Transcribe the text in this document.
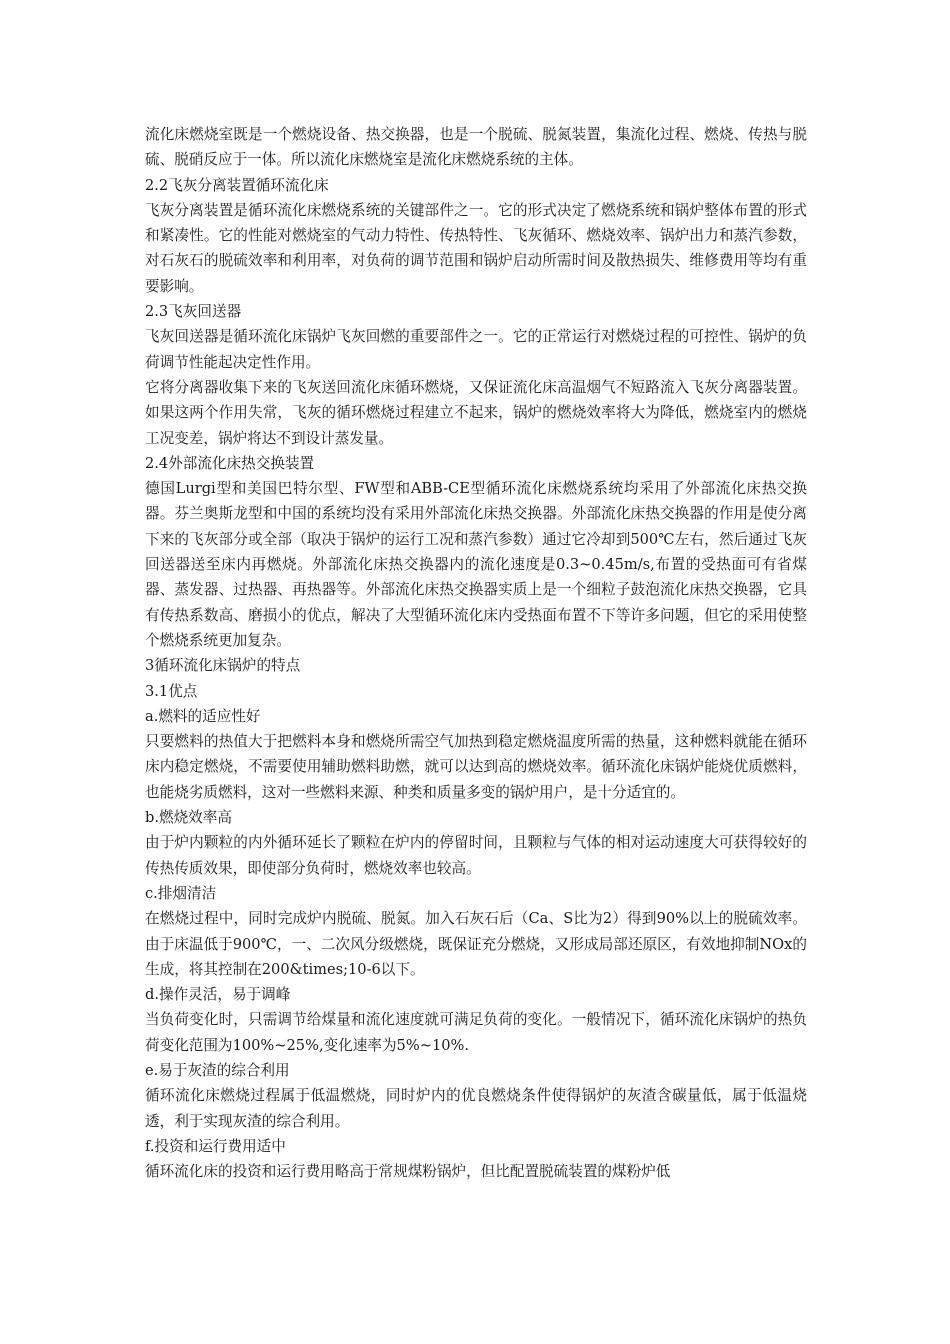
流化床燃烧室既是一个燃烧设备、热交换器，也是一个脱硫、脱氮装置，集流化过程、燃烧、传热与脱硫、脱硝反应于一体。所以流化床燃烧室是流化床燃烧系统的主体。

2.2飞灰分离装置循环流化床

飞灰分离装置是循环流化床燃烧系统的关键部件之一。它的形式决定了燃烧系统和锅炉整体布置的形式和紧凑性。它的性能对燃烧室的气动力特性、传热特性、飞灰循环、燃烧效率、锅炉出力和蒸汽参数，对石灰石的脱硫效率和利用率，对负荷的调节范围和锅炉启动所需时间及散热损失、维修费用等均有重要影响。

2.3飞灰回送器

飞灰回送器是循环流化床锅炉飞灰回燃的重要部件之一。它的正常运行对燃烧过程的可控性、锅炉的负荷调节性能起决定性作用。

它将分离器收集下来的飞灰送回流化床循环燃烧，又保证流化床高温烟气不短路流入飞灰分离器装置。如果这两个作用失常，飞灰的循环燃烧过程建立不起来，锅炉的燃烧效率将大为降低，燃烧室内的燃烧工况变差，锅炉将达不到设计蒸发量。

2.4外部流化床热交换装置

德国Lurgi型和美国巴特尔型、FW型和ABB-CE型循环流化床燃烧系统均采用了外部流化床热交换器。芬兰奥斯龙型和中国的系统均没有采用外部流化床热交换器。外部流化床热交换器的作用是使分离下来的飞灰部分或全部（取决于锅炉的运行工况和蒸汽参数）通过它冷却到500℃左右，然后通过飞灰回送器送至床内再燃烧。外部流化床热交换器内的流化速度是0.3~0.45m/s,布置的受热面可有省煤器、蒸发器、过热器、再热器等。外部流化床热交换器实质上是一个细粒子鼓泡流化床热交换器，它具有传热系数高、磨损小的优点，解决了大型循环流化床内受热面布置不下等许多问题，但它的采用使整个燃烧系统更加复杂。

3循环流化床锅炉的特点

3.1优点

a.燃料的适应性好

只要燃料的热值大于把燃料本身和燃烧所需空气加热到稳定燃烧温度所需的热量，这种燃料就能在循环床内稳定燃烧，不需要使用辅助燃料助燃，就可以达到高的燃烧效率。循环流化床锅炉能烧优质燃料，也能烧劣质燃料，这对一些燃料来源、种类和质量多变的锅炉用户，是十分适宜的。

b.燃烧效率高

由于炉内颗粒的内外循环延长了颗粒在炉内的停留时间，且颗粒与气体的相对运动速度大可获得较好的传热传质效果，即使部分负荷时，燃烧效率也较高。

c.排烟清洁

在燃烧过程中，同时完成炉内脱硫、脱氮。加入石灰石后（Ca、S比为2）得到90%以上的脱硫效率。由于床温低于900℃，一、二次风分级燃烧，既保证充分燃烧，又形成局部还原区，有效地抑制NOx的生成，将其控制在200&times;10-6以下。

d.操作灵活，易于调峰

当负荷变化时，只需调节给煤量和流化速度就可满足负荷的变化。一般情况下，循环流化床锅炉的热负荷变化范围为100%~25%,变化速率为5%~10%.

e.易于灰渣的综合利用

循环流化床燃烧过程属于低温燃烧，同时炉内的优良燃烧条件使得锅炉的灰渣含碳量低，属于低温烧透，利于实现灰渣的综合利用。

f.投资和运行费用适中

循环流化床的投资和运行费用略高于常规煤粉锅炉，但比配置脱硫装置的煤粉炉低
